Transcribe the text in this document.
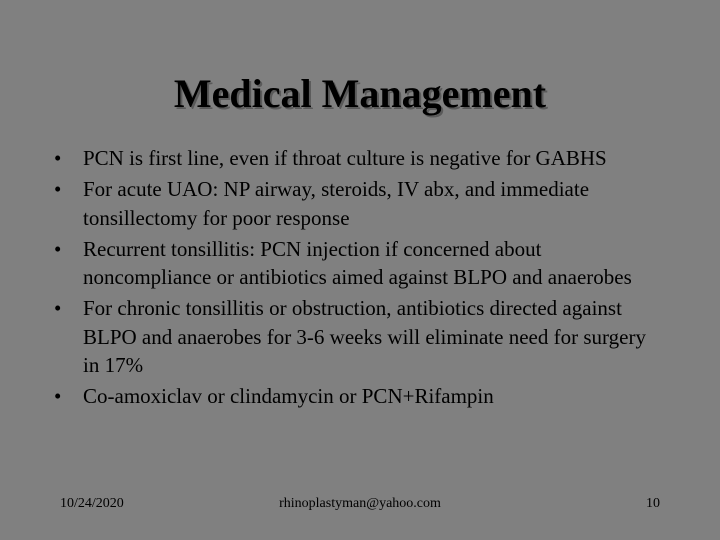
Medical Management
• PCN is first line, even if throat culture is negative for GABHS
• For acute UAO: NP airway, steroids, IV abx, and immediate tonsillectomy for poor response
• Recurrent tonsillitis: PCN injection if concerned about noncompliance or antibiotics aimed against BLPO and anaerobes
• For chronic tonsillitis or obstruction, antibiotics directed against BLPO and anaerobes for 3-6 weeks will eliminate need for surgery in 17%
• Co-amoxiclav or clindamycin or PCN+Rifampin
rhinoplastyman@yahoo.com
10/24/2020	10
